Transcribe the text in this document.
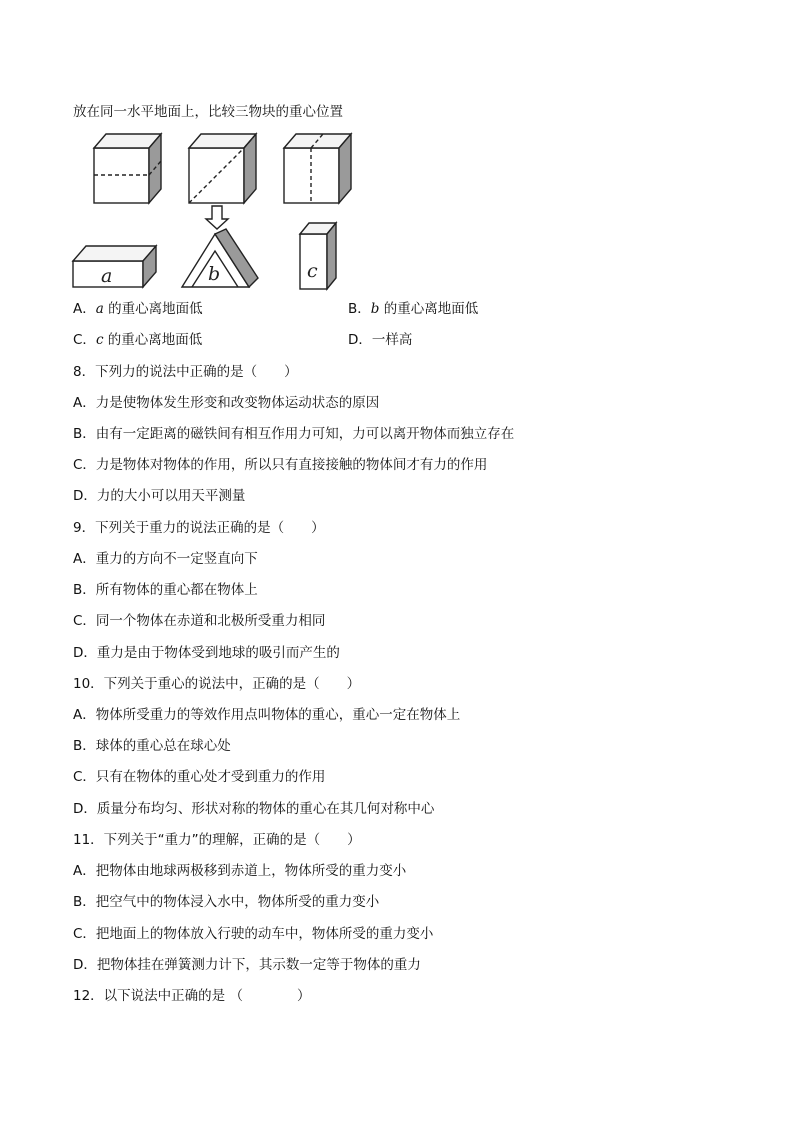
放在同一水平地面上，比较三物块的重心位置
a	b	c
A．a 的重心离地面低	B．b 的重心离地面低
C．c 的重心离地面低	D．一样高
8．下列力的说法中正确的是（　　）
A．力是使物体发生形变和改变物体运动状态的原因
B．由有一定距离的磁铁间有相互作用力可知，力可以离开物体而独立存在
C．力是物体对物体的作用，所以只有直接接触的物体间才有力的作用
D．力的大小可以用天平测量
9．下列关于重力的说法正确的是（　　）
A．重力的方向不一定竖直向下
B．所有物体的重心都在物体上
C．同一个物体在赤道和北极所受重力相同
D．重力是由于物体受到地球的吸引而产生的
10．下列关于重心的说法中，正确的是（　　）
A．物体所受重力的等效作用点叫物体的重心，重心一定在物体上
B．球体的重心总在球心处
C．只有在物体的重心处才受到重力的作用
D．质量分布均匀、形状对称的物体的重心在其几何对称中心
11．下列关于“重力”的理解，正确的是（　　）
A．把物体由地球两极移到赤道上，物体所受的重力变小
B．把空气中的物体浸入水中，物体所受的重力变小
C．把地面上的物体放入行驶的动车中，物体所受的重力变小
D．把物体挂在弹簧测力计下，其示数一定等于物体的重力
12．以下说法中正确的是 （　　　　）
